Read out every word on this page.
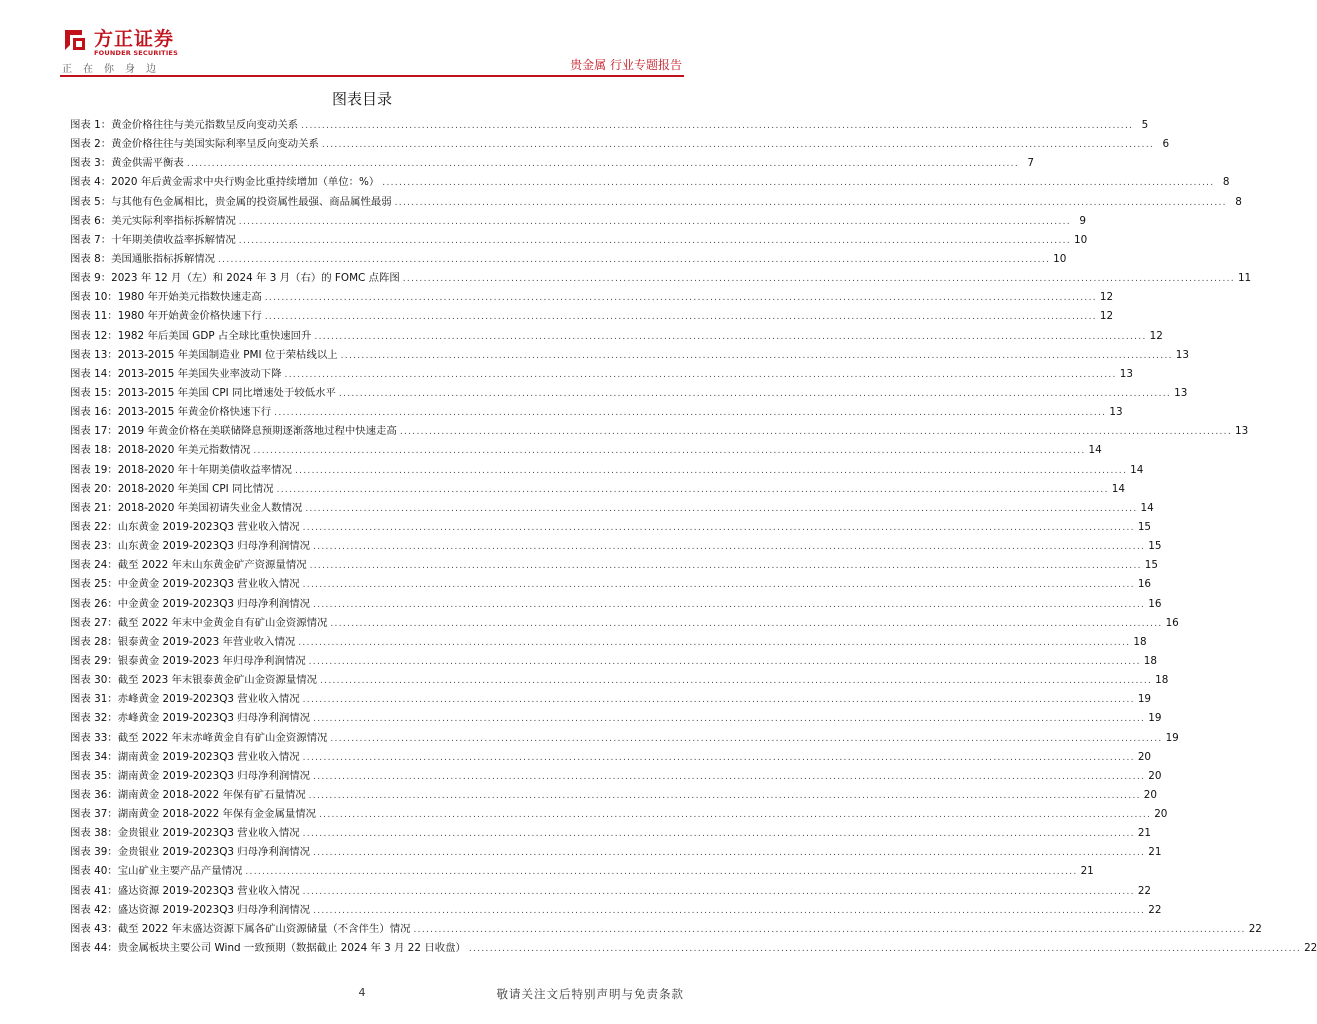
方正证券
FOUNDER SECURITIES
正在你身边	贵金属 行业专题报告
图表目录
图表 1：黄金价格往往与美元指数呈反向变动关系 ........................................................................................................................................................................................................ 5
图表 2：黄金价格往往与美国实际利率呈反向变动关系 ........................................................................................................................................................................................................ 6
图表 3：黄金供需平衡表 ........................................................................................................................................................................................................ 7
图表 4：2020 年后黄金需求中央行购金比重持续增加（单位：%） ........................................................................................................................................................................................................ 8
图表 5：与其他有色金属相比，贵金属的投资属性最强、商品属性最弱 ........................................................................................................................................................................................................ 8
图表 6：美元实际利率指标拆解情况 ........................................................................................................................................................................................................ 9
图表 7：十年期美债收益率拆解情况 ........................................................................................................................................................................................................ 10
图表 8：美国通胀指标拆解情况 ........................................................................................................................................................................................................ 10
图表 9：2023 年 12 月（左）和 2024 年 3 月（右）的 FOMC 点阵图 ........................................................................................................................................................................................................ 11
图表 10：1980 年开始美元指数快速走高 ........................................................................................................................................................................................................ 12
图表 11：1980 年开始黄金价格快速下行 ........................................................................................................................................................................................................ 12
图表 12：1982 年后美国 GDP 占全球比重快速回升 ........................................................................................................................................................................................................ 12
图表 13：2013-2015 年美国制造业 PMI 位于荣枯线以上 ........................................................................................................................................................................................................ 13
图表 14：2013-2015 年美国失业率波动下降 ........................................................................................................................................................................................................ 13
图表 15：2013-2015 年美国 CPI 同比增速处于较低水平 ........................................................................................................................................................................................................ 13
图表 16：2013-2015 年黄金价格快速下行 ........................................................................................................................................................................................................ 13
图表 17：2019 年黄金价格在美联储降息预期逐渐落地过程中快速走高 ........................................................................................................................................................................................................ 13
图表 18：2018-2020 年美元指数情况 ........................................................................................................................................................................................................ 14
图表 19：2018-2020 年十年期美债收益率情况 ........................................................................................................................................................................................................ 14
图表 20：2018-2020 年美国 CPI 同比情况 ........................................................................................................................................................................................................ 14
图表 21：2018-2020 年美国初请失业金人数情况 ........................................................................................................................................................................................................ 14
图表 22：山东黄金 2019-2023Q3 营业收入情况 ........................................................................................................................................................................................................ 15
图表 23：山东黄金 2019-2023Q3 归母净利润情况 ........................................................................................................................................................................................................ 15
图表 24：截至 2022 年末山东黄金矿产资源量情况 ........................................................................................................................................................................................................ 15
图表 25：中金黄金 2019-2023Q3 营业收入情况 ........................................................................................................................................................................................................ 16
图表 26：中金黄金 2019-2023Q3 归母净利润情况 ........................................................................................................................................................................................................ 16
图表 27：截至 2022 年末中金黄金自有矿山金资源情况 ........................................................................................................................................................................................................ 16
图表 28：银泰黄金 2019-2023 年营业收入情况 ........................................................................................................................................................................................................ 18
图表 29：银泰黄金 2019-2023 年归母净利润情况 ........................................................................................................................................................................................................ 18
图表 30：截至 2023 年末银泰黄金矿山金资源量情况 ........................................................................................................................................................................................................ 18
图表 31：赤峰黄金 2019-2023Q3 营业收入情况 ........................................................................................................................................................................................................ 19
图表 32：赤峰黄金 2019-2023Q3 归母净利润情况 ........................................................................................................................................................................................................ 19
图表 33：截至 2022 年末赤峰黄金自有矿山金资源情况 ........................................................................................................................................................................................................ 19
图表 34：湖南黄金 2019-2023Q3 营业收入情况 ........................................................................................................................................................................................................ 20
图表 35：湖南黄金 2019-2023Q3 归母净利润情况 ........................................................................................................................................................................................................ 20
图表 36：湖南黄金 2018-2022 年保有矿石量情况 ........................................................................................................................................................................................................ 20
图表 37：湖南黄金 2018-2022 年保有金金属量情况 ........................................................................................................................................................................................................ 20
图表 38：金贵银业 2019-2023Q3 营业收入情况 ........................................................................................................................................................................................................ 21
图表 39：金贵银业 2019-2023Q3 归母净利润情况 ........................................................................................................................................................................................................ 21
图表 40：宝山矿业主要产品产量情况 ........................................................................................................................................................................................................ 21
图表 41：盛达资源 2019-2023Q3 营业收入情况 ........................................................................................................................................................................................................ 22
图表 42：盛达资源 2019-2023Q3 归母净利润情况 ........................................................................................................................................................................................................ 22
图表 43：截至 2022 年末盛达资源下属各矿山资源储量（不含伴生）情况 ........................................................................................................................................................................................................ 22
图表 44：贵金属板块主要公司 Wind 一致预期（数据截止 2024 年 3 月 22 日收盘） ........................................................................................................................................................................................................ 22
4	敬请关注文后特别声明与免责条款
